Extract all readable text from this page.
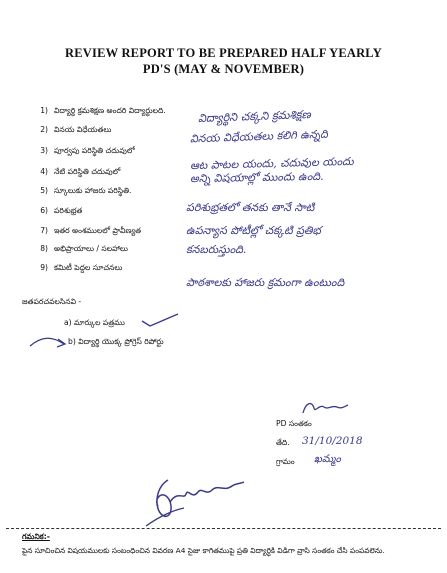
REVIEW REPORT TO BE PREPARED HALF YEARLY
PD'S (MAY & NOVEMBER)
1) విద్యార్థి క్రమశిక్షణ అందరి విద్యార్థులది.
2) వినయ విధేయతలు
3) పూర్వపు పరిస్థితి చదువులో
4) నేటి పరిస్థితి చదువులో
5) స్కూలుకు హాజరు పరిస్థితి.
6) పరిశుభ్రత
7) ఇతర అంశములలో ప్రావీణ్యత
8) అభిప్రాయాలు / సలహాలు
9) కమిటీ పెద్దల సూచనలు
విద్యార్థిని చక్కని క్రమశిక్షణ
వినయ విధేయతలు కలిగి ఉన్నది
ఆట పాటల యందు, చదువుల యందు
అన్ని విషయాల్లో ముందు ఉంది.
పరిశుభ్రతలో తనకు తానే సాటి
ఉపన్యాస పోటీల్లో చక్కటి ప్రతిభ
కనబరుస్తుంది.
పాఠశాలకు హాజరు క్రమంగా ఉంటుంది
జతపరచవలసినవి -
a) మార్కుల పత్రము
b) విద్యార్థి యొక్క ప్రోగ్రెస్ రిపోర్టు
PD సంతకం
తేది. 31/10/2018
గ్రామం ఖమ్మం
గమనిక:-
పైన సూచించిన విషయములకు సంబంధించిన వివరణ A4 సైజు కాగితముపై ప్రతి విద్యార్థికి విడిగా వ్రాసి సంతకం చేసి పంపవలెను.
